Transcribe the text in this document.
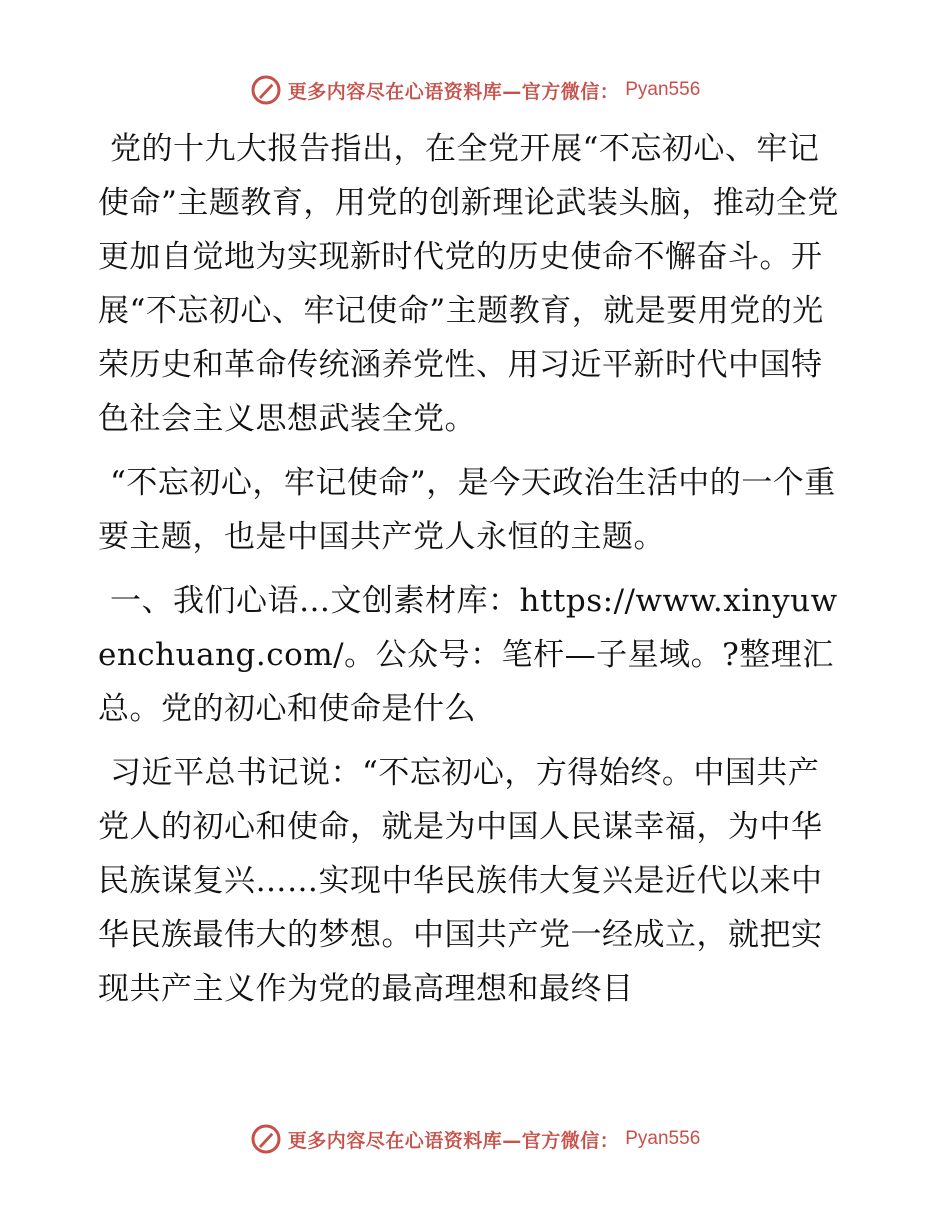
更多内容尽在心语资料库—官方微信： Pyan556

党的十九大报告指出，在全党开展“不忘初心、牢记使命”主题教育，用党的创新理论武装头脑，推动全党更加自觉地为实现新时代党的历史使命不懈奋斗。开展“不忘初心、牢记使命”主题教育，就是要用党的光荣历史和革命传统涵养党性、用习近平新时代中国特色社会主义思想武装全党。

“不忘初心，牢记使命”，是今天政治生活中的一个重要主题，也是中国共产党人永恒的主题。

一、我们心语…文创素材库：https://www.xinyuwenchuang.com/。公众号：笔杆—子星域。?整理汇总。党的初心和使命是什么

习近平总书记说：“不忘初心，方得始终。中国共产党人的初心和使命，就是为中国人民谋幸福，为中华民族谋复兴……实现中华民族伟大复兴是近代以来中华民族最伟大的梦想。中国共产党一经成立，就把实现共产主义作为党的最高理想和最终目

更多内容尽在心语资料库—官方微信： Pyan556
